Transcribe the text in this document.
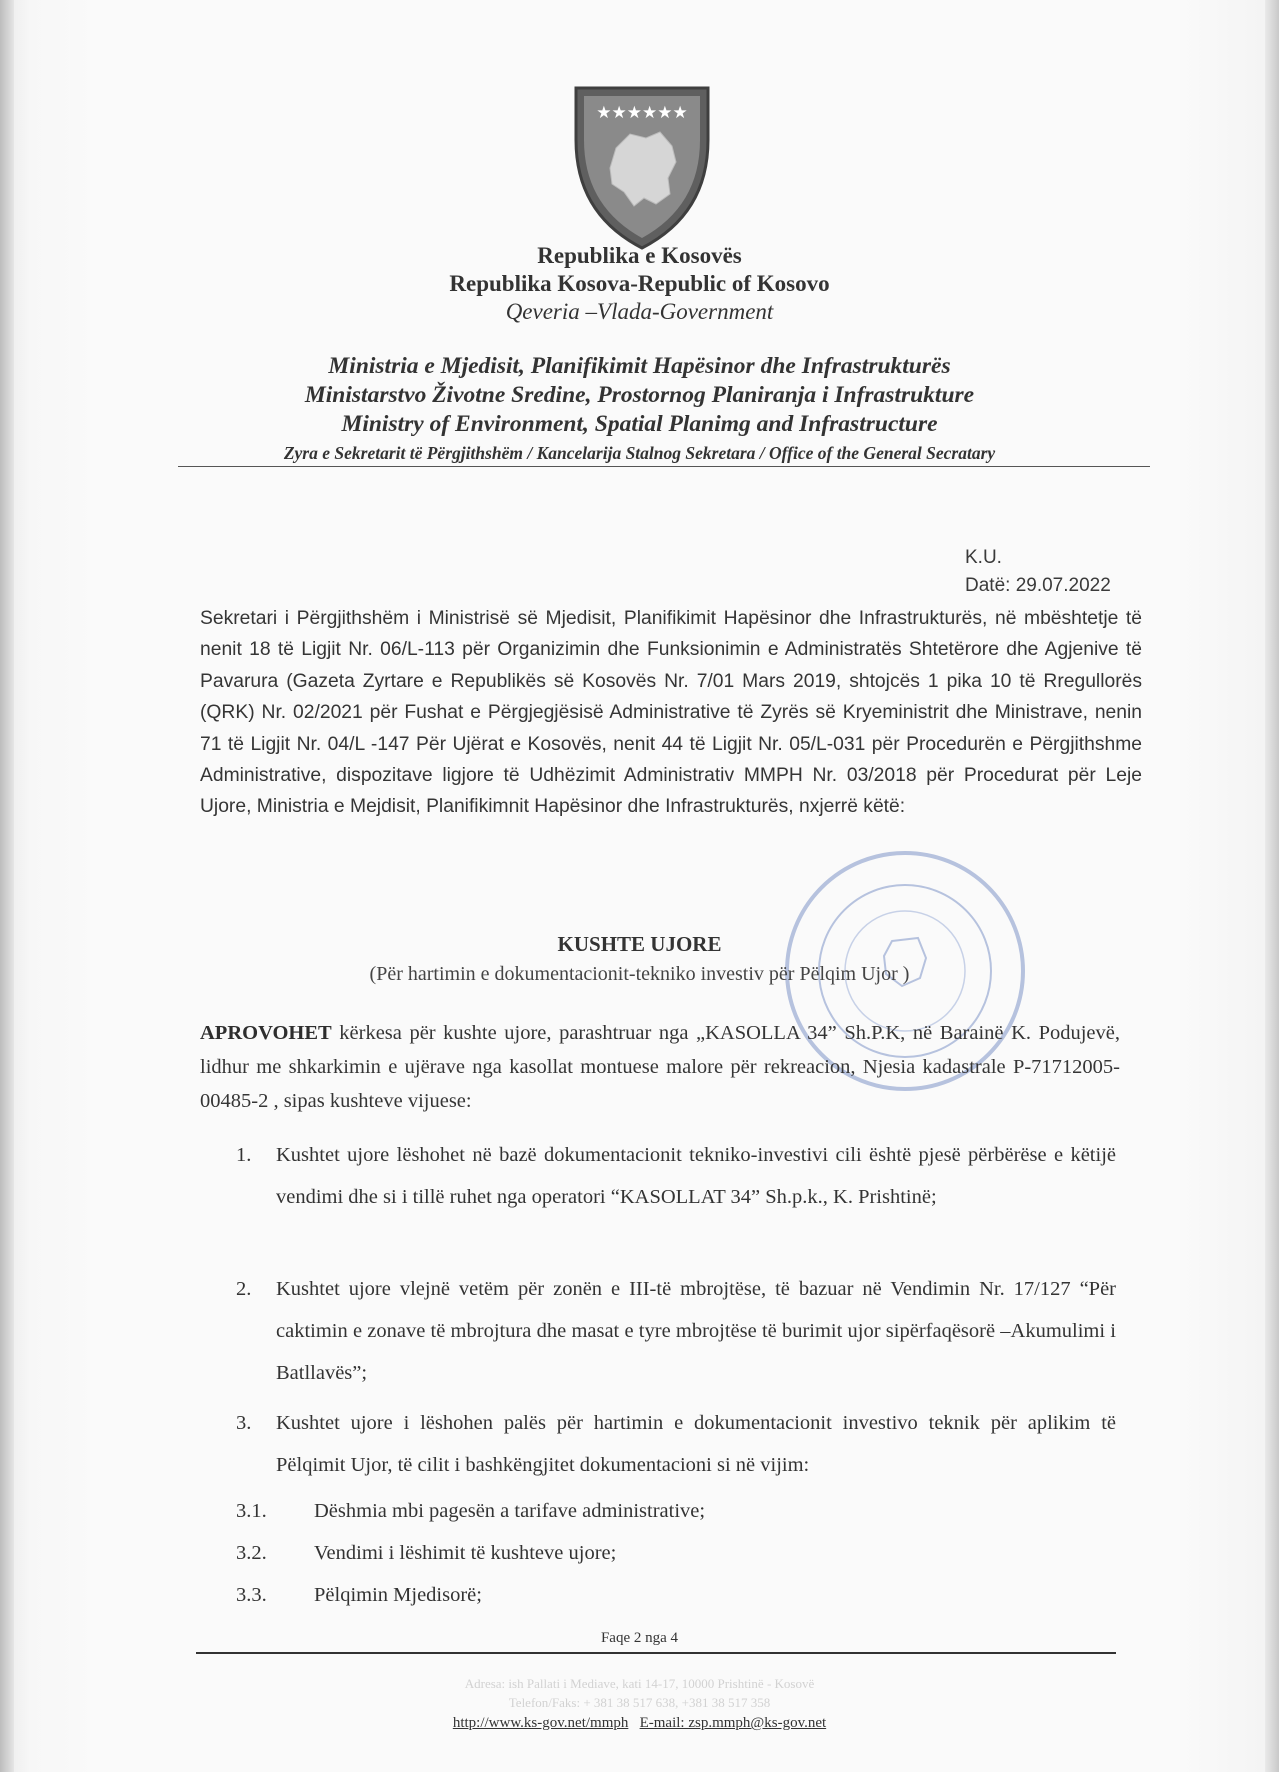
★★★★★★
Republika e Kosovës
Republika Kosova-Republic of Kosovo
Qeveria –Vlada-Government
Ministria e Mjedisit, Planifikimit Hapësinor dhe Infrastrukturës
Ministarstvo Životne Sredine, Prostornog Planiranja i Infrastrukture
Ministry of Environment, Spatial Planimg and Infrastructure
Zyra e Sekretarit të Përgjithshëm / Kancelarija Stalnog Sekretara / Office of the General Secratary
K.U.
Datë: 29.07.2022
Sekretari i Përgjithshëm i Ministrisë së Mjedisit, Planifikimit Hapësinor dhe Infrastrukturës, në mbështetje të nenit 18 të Ligjit Nr. 06/L-113 për Organizimin dhe Funksionimin e Administratës Shtetërore dhe Agjenive të Pavarura (Gazeta Zyrtare e Republikës së Kosovës Nr. 7/01 Mars 2019, shtojcës 1 pika 10 të Rregullorës (QRK) Nr. 02/2021 për Fushat e Përgjegjësisë Administrative të Zyrës së Kryeministrit dhe Ministrave, nenin 71 të Ligjit Nr. 04/L -147 Për Ujërat e Kosovës, nenit 44 të Ligjit Nr. 05/L-031 për Procedurën e Përgjithshme Administrative, dispozitave ligjore të Udhëzimit Administrativ MMPH Nr. 03/2018 për Procedurat për Leje Ujore, Ministria e Mejdisit, Planifikimnit Hapësinor dhe Infrastrukturës, nxjerrë këtë:
KUSHTE UJORE
(Për hartimin e dokumentacionit-tekniko investiv për Pëlqim Ujor )
APROVOHET kërkesa për kushte ujore, parashtruar nga „KASOLLA 34” Sh.P.K, në Barainë K. Podujevë, lidhur me shkarkimin e ujërave nga kasollat montuese malore për rekreacion, Njesia kadastrale P-71712005-00485-2 , sipas kushteve vijuese:
1. Kushtet ujore lëshohet në bazë dokumentacionit tekniko-investivi cili është pjesë përbërëse e këtijë vendimi dhe si i tillë ruhet nga operatori “KASOLLAT 34” Sh.p.k., K. Prishtinë;
2. Kushtet ujore vlejnë vetëm për zonën e III-të mbrojtëse, të bazuar në Vendimin Nr. 17/127 “Për caktimin e zonave të mbrojtura dhe masat e tyre mbrojtëse të burimit ujor sipërfaqësorë –Akumulimi i Batllavës”;
3. Kushtet ujore i lëshohen palës për hartimin e dokumentacionit investivo teknik për aplikim të Pëlqimit Ujor, të cilit i bashkëngjitet dokumentacioni si në vijim:
3.1. Dëshmia mbi pagesën a tarifave administrative;
3.2. Vendimi i lëshimit të kushteve ujore;
3.3. Pëlqimin Mjedisorë;
Faqe 2 nga 4
Adresa: ish Pallati i Mediave, kati 14-17, 10000 Prishtinë - Kosovë
Telefon/Faks: + 381 38 517 638, +381 38 517 358
http://www.ks-gov.net/mmph E-mail: zsp.mmph@ks-gov.net
